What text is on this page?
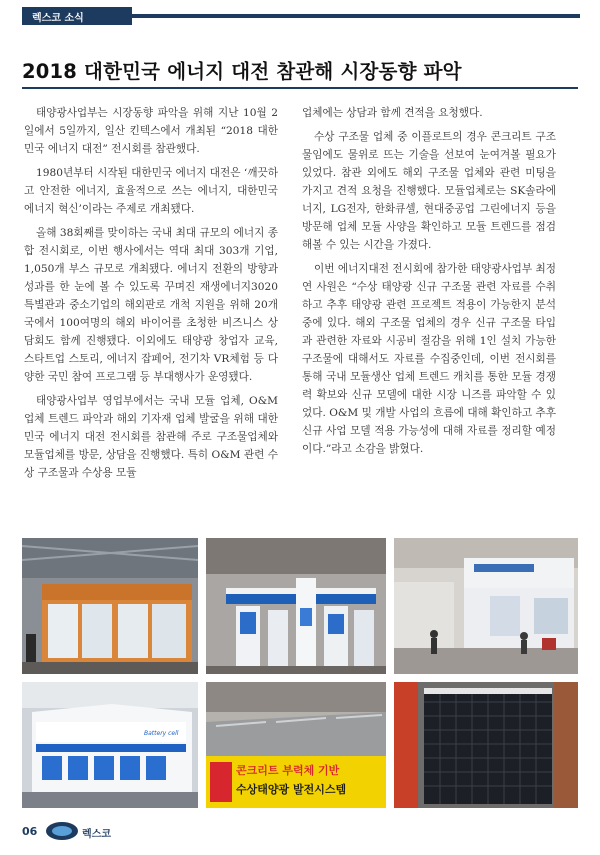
렉스코 소식
2018 대한민국 에너지 대전 참관해 시장동향 파악

태양광사업부는 시장동향 파악을 위해 지난 10월 2일에서 5일까지, 일산 킨텍스에서 개최된 “2018 대한민국 에너지 대전” 전시회를 참관했다.

1980년부터 시작된 대한민국 에너지 대전은 ‘깨끗하고 안전한 에너지, 효율적으로 쓰는 에너지, 대한민국 에너지 혁신’이라는 주제로 개최됐다.

올해 38회째를 맞이하는 국내 최대 규모의 에너지 종합 전시회로, 이번 행사에서는 역대 최대 303개 기업, 1,050개 부스 규모로 개최됐다. 에너지 전환의 방향과 성과를 한 눈에 볼 수 있도록 꾸며진 재생에너지3020 특별관과 중소기업의 해외판로 개척 지원을 위해 20개국에서 100여명의 해외 바이어를 초청한 비즈니스 상담회도 함께 진행됐다. 이외에도 태양광 창업자 교육, 스타트업 스토리, 에너지 잡페어, 전기차 VR체험 등 다양한 국민 참여 프로그램 등 부대행사가 운영됐다.

태양광사업부 영업부에서는 국내 모듈 업체, O&M업체 트렌드 파악과 해외 기자재 업체 발굴을 위해 대한민국 에너지 대전 전시회를 참관해 주로 구조물업체와 모듈업체를 방문, 상담을 진행했다. 특히 O&M 관련 수상 구조물과 수상용 모듈

업체에는 상담과 함께 견적을 요청했다.

수상 구조물 업체 중 이플로트의 경우 콘크리트 구조물임에도 물위로 뜨는 기술을 선보여 눈여겨볼 필요가 있었다. 참관 외에도 해외 구조물 업체와 관련 미팅을 가지고 견적 요청을 진행했다. 모듈업체로는 SK솔라에너지, LG전자, 한화큐셀, 현대중공업 그린에너지 등을 방문해 업체 모듈 사양을 확인하고 모듈 트렌드를 점검해볼 수 있는 시간을 가졌다.

이번 에너지대전 전시회에 참가한 태양광사업부 최정연 사원은 “수상 태양광 신규 구조물 관련 자료를 수취하고 추후 태양광 관련 프로젝트 적용이 가능한지 분석 중에 있다. 해외 구조물 업체의 경우 신규 구조물 타입과 관련한 자료와 시공비 절감을 위해 1인 설치 가능한 구조물에 대해서도 자료를 수집중인데, 이번 전시회를 통해 국내 모듈생산 업체 트렌드 캐치를 통한 모듈 경쟁력 확보와 신규 모델에 대한 시장 니즈를 파악할 수 있었다. O&M 및 개발 사업의 흐름에 대해 확인하고 추후 신규 사업 모델 적용 가능성에 대해 자료를 정리할 예정이다.”라고 소감을 밝혔다.

Battery cell
콘크리트 부력체 기반
수상태양광 발전시스템
06	렉스코
